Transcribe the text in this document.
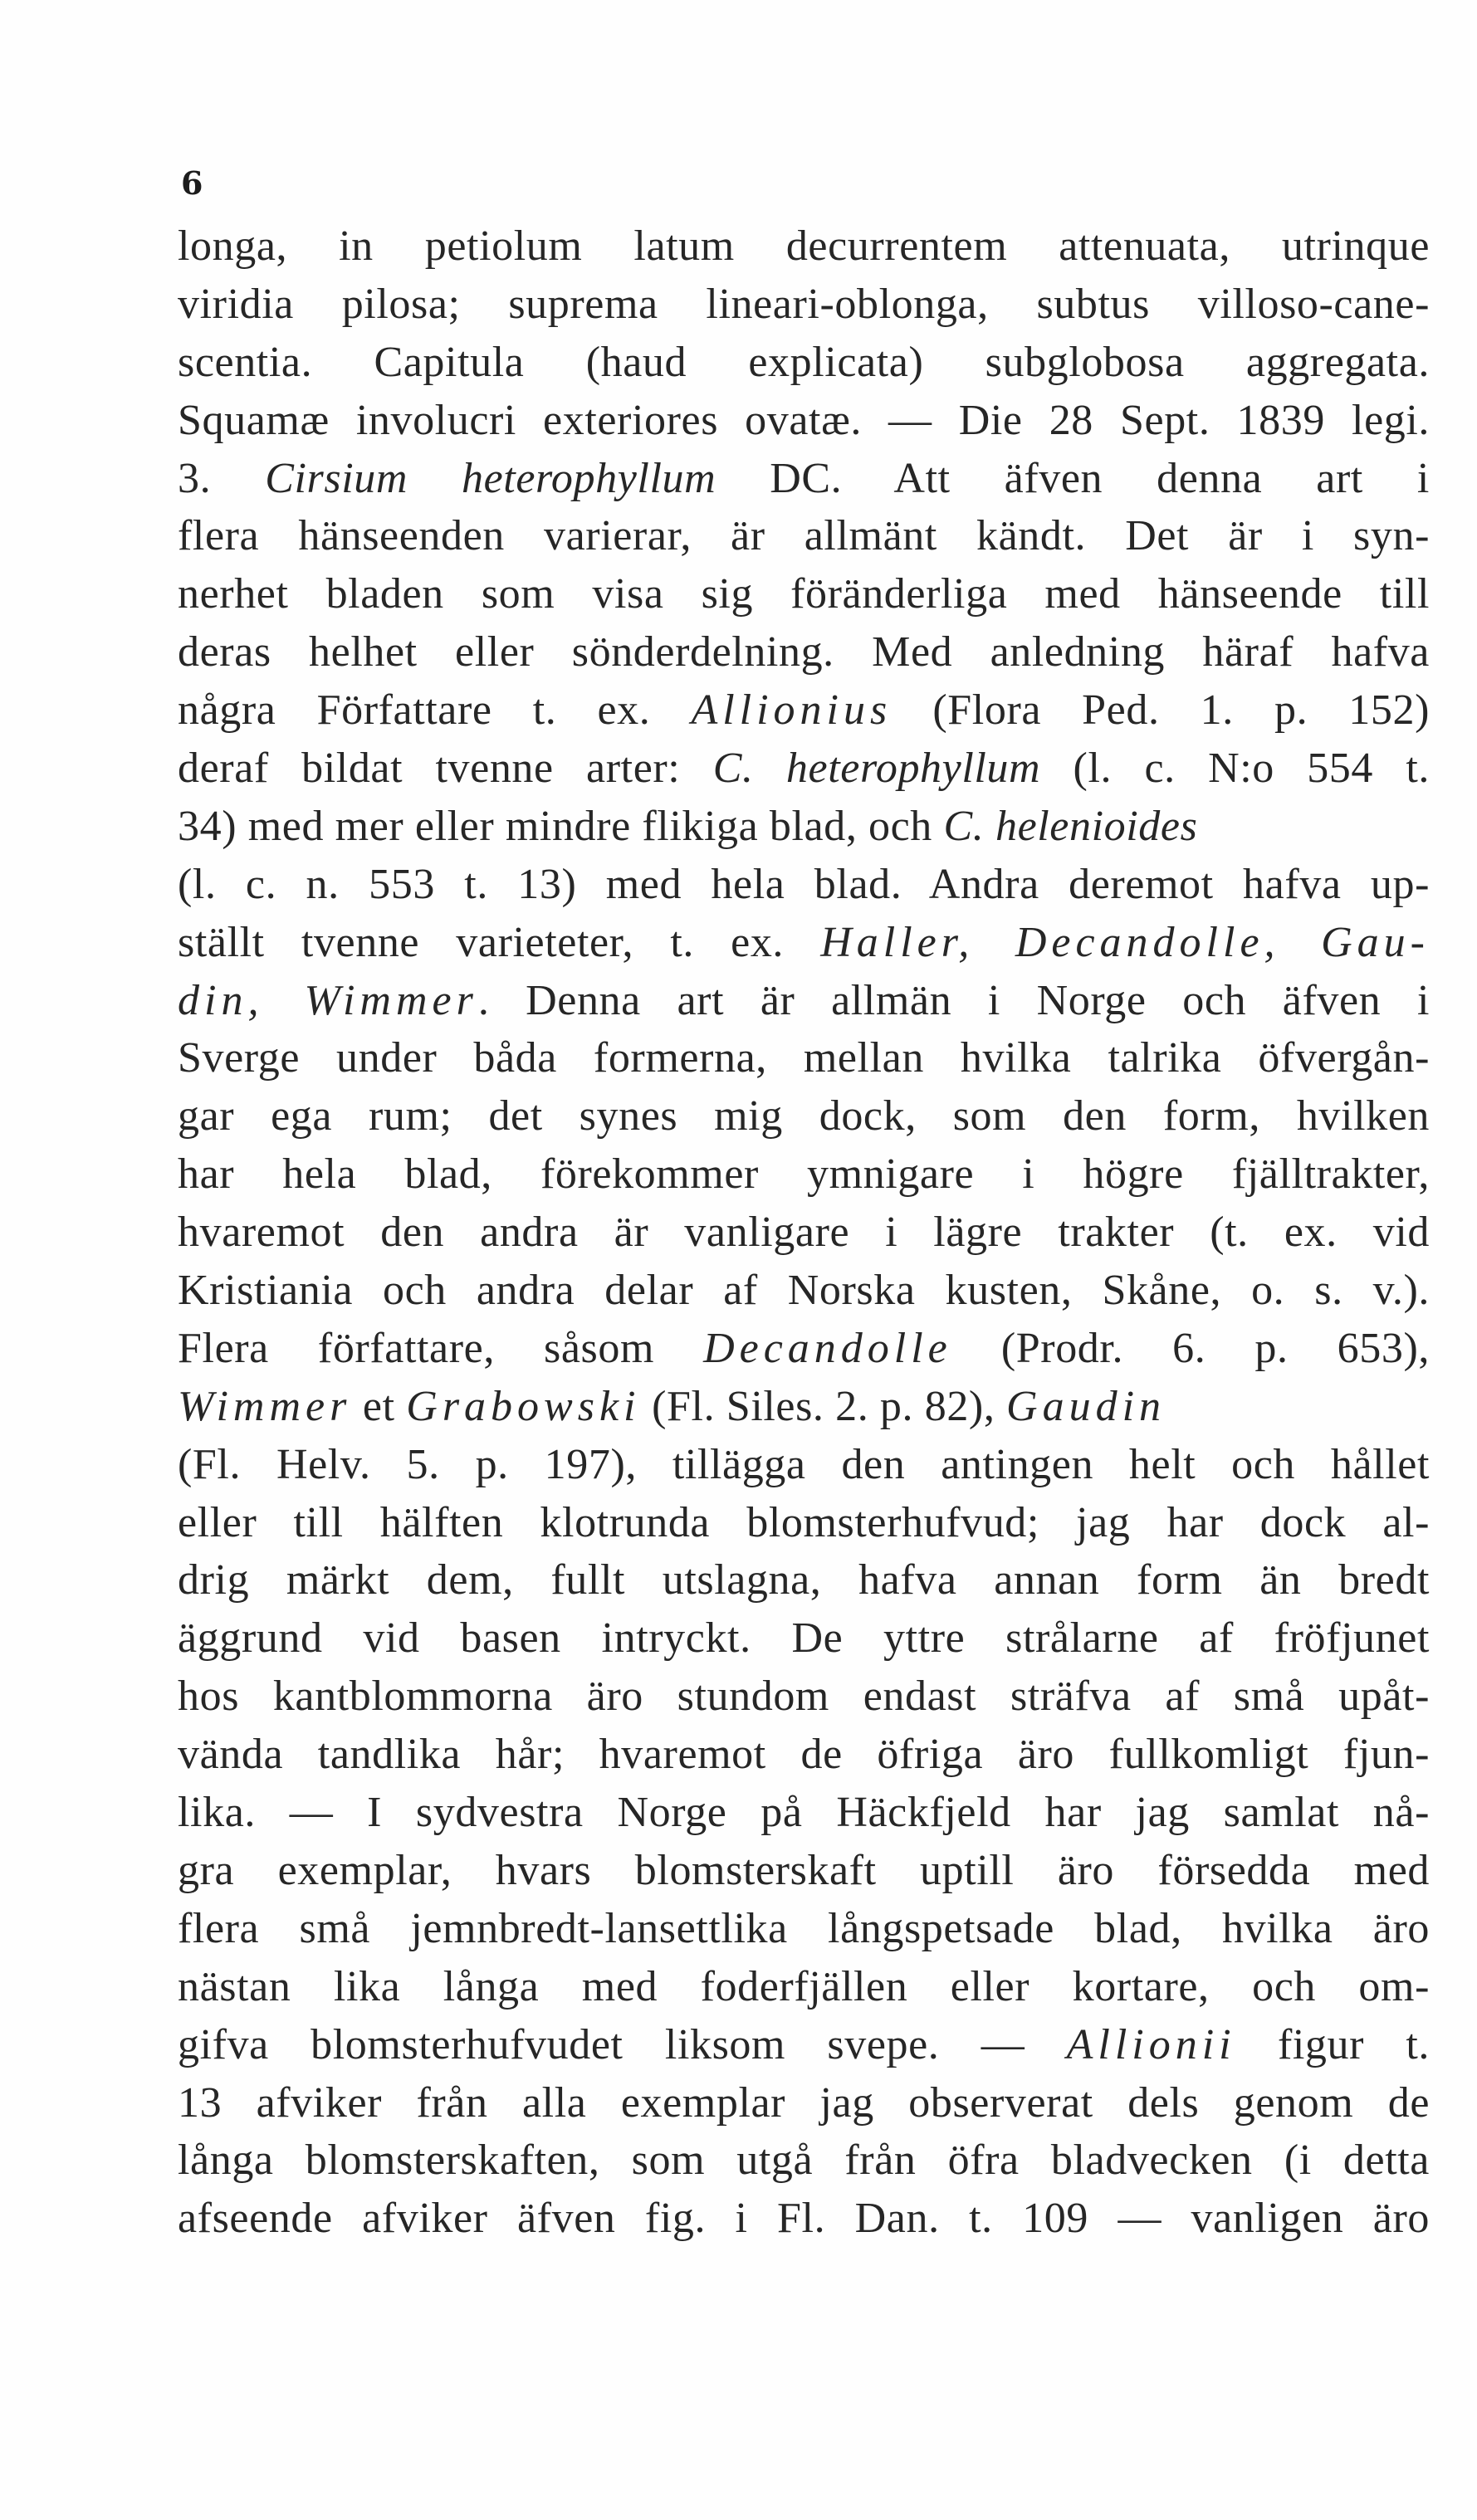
6
longa, in petiolum latum decurrentem attenuata, utrinque
viridia pilosa; suprema lineari-oblonga, subtus villoso-cane-
scentia. Capitula (haud explicata) subglobosa aggregata.
Squamæ involucri exteriores ovatæ. — Die 28 Sept. 1839 legi.
3. Cirsium heterophyllum DC. Att äfven denna art i
flera hänseenden varierar, är allmänt kändt. Det är i syn-
nerhet bladen som visa sig föränderliga med hänseende till
deras helhet eller sönderdelning. Med anledning häraf hafva
några Författare t. ex. Allionius (Flora Ped. 1. p. 152)
deraf bildat tvenne arter: C. heterophyllum (l. c. N:o 554 t.
34) med mer eller mindre flikiga blad, och C. helenioides
(l. c. n. 553 t. 13) med hela blad. Andra deremot hafva up-
ställt tvenne varieteter, t. ex. Haller, Decandolle, Gau-
din, Wimmer. Denna art är allmän i Norge och äfven i
Sverge under båda formerna, mellan hvilka talrika öfvergån-
gar ega rum; det synes mig dock, som den form, hvilken
har hela blad, förekommer ymnigare i högre fjälltrakter,
hvaremot den andra är vanligare i lägre trakter (t. ex. vid
Kristiania och andra delar af Norska kusten, Skåne, o. s. v.).
Flera författare, såsom Decandolle (Prodr. 6. p. 653),
Wimmer et Grabowski (Fl. Siles. 2. p. 82), Gaudin
(Fl. Helv. 5. p. 197), tillägga den antingen helt och hållet
eller till hälften klotrunda blomsterhufvud; jag har dock al-
drig märkt dem, fullt utslagna, hafva annan form än bredt
äggrund vid basen intryckt. De yttre strålarne af fröfjunet
hos kantblommorna äro stundom endast sträfva af små upåt-
vända tandlika hår; hvaremot de öfriga äro fullkomligt fjun-
lika. — I sydvestra Norge på Häckfjeld har jag samlat nå-
gra exemplar, hvars blomsterskaft uptill äro försedda med
flera små jemnbredt-lansettlika långspetsade blad, hvilka äro
nästan lika långa med foderfjällen eller kortare, och om-
gifva blomsterhufvudet liksom svepe. — Allionii figur t.
13 afviker från alla exemplar jag observerat dels genom de
långa blomsterskaften, som utgå från öfra bladvecken (i detta
afseende afviker äfven fig. i Fl. Dan. t. 109 — vanligen äro
